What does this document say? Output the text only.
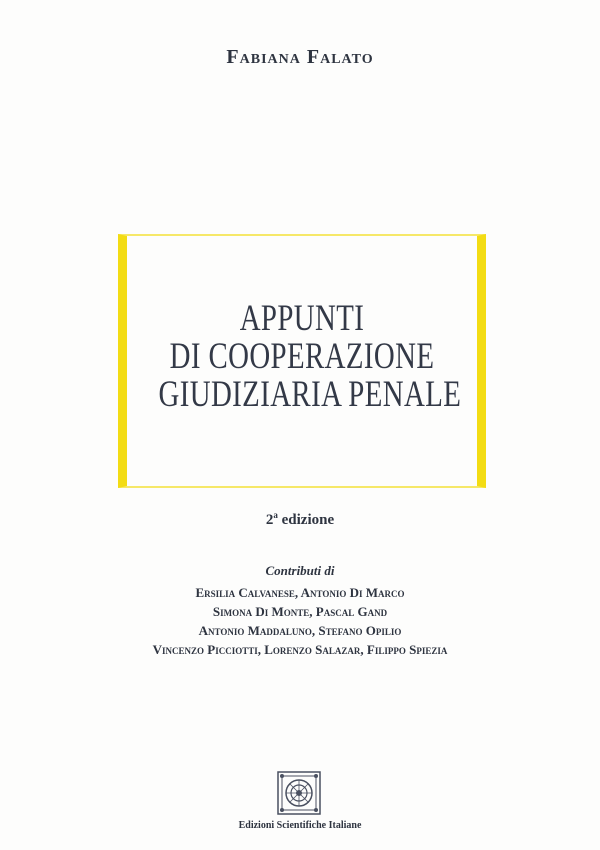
Fabiana Falato
APPUNTI
DI COOPERAZIONE
GIUDIZIARIA PENALE
2$^a$ edizione
Contributi di
Ersilia Calvanese, Antonio Di Marco
Simona Di Monte, Pascal Gand
Antonio Maddaluno, Stefano Opilio
Vincenzo Picciotti, Lorenzo Salazar, Filippo Spiezia
Edizioni Scientifiche Italiane
